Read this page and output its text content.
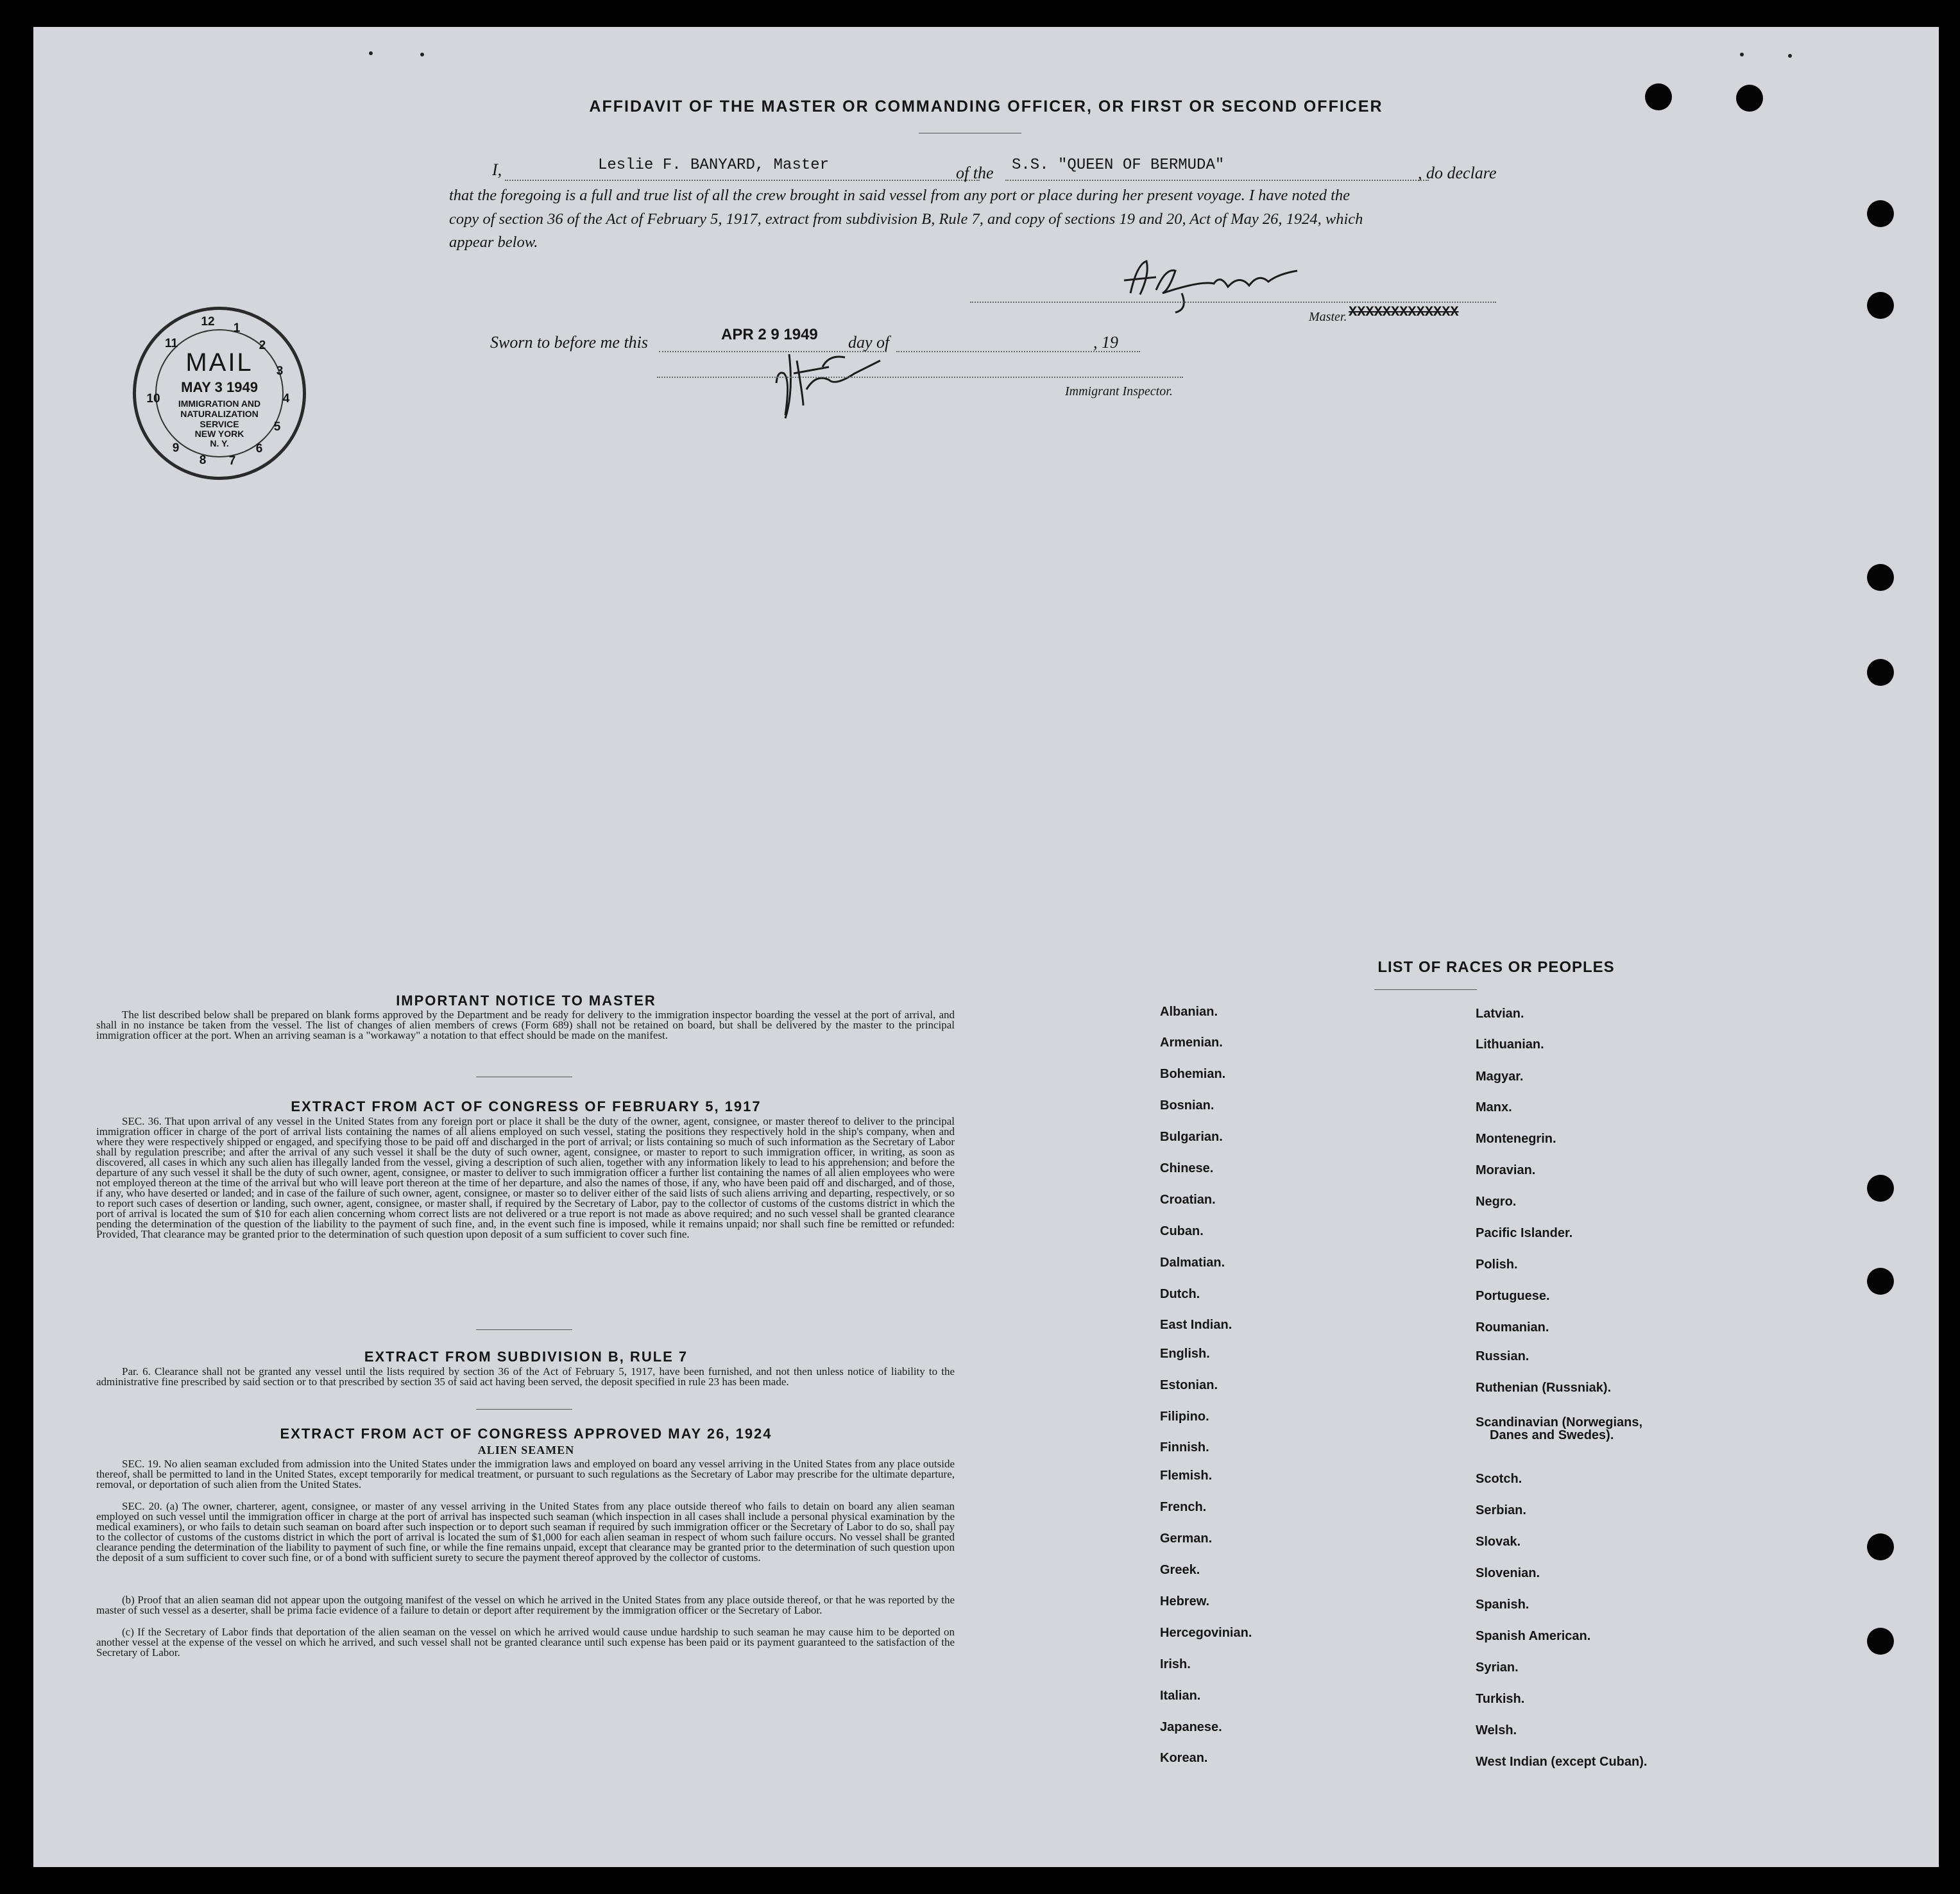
AFFIDAVIT OF THE MASTER OR COMMANDING OFFICER, OR FIRST OR SECOND OFFICER
I,	Leslie F. BANYARD, Master	of the S.S. "QUEEN OF BERMUDA"	, do declare
that the foregoing is a full and true list of all the crew brought in said vessel from any port or place during her present voyage. I have noted the
copy of section 36 of the Act of February 5, 1917, extract from subdivision B, Rule 7, and copy of sections 19 and 20, Act of May 26, 1924, which
appear below.
Master. XXXXXXXXXXXXX
Sworn to before me this	APR 2 9 1949 day of	, 19
Immigrant Inspector.
12	1
2
3
4
5
6
7
8
9
10
11
MAIL
MAY 3 1949
IMMIGRATION AND
NATURALIZATION
SERVICE
NEW YORK
N. Y.
IMPORTANT NOTICE TO MASTER

The list described below shall be prepared on blank forms approved by the Department and be ready for delivery to the immigration inspector boarding the vessel at the port of arrival, and shall in no instance be taken from the vessel. The list of changes of alien members of crews (Form 689) shall not be retained on board, but shall be delivered by the master to the principal immigration officer at the port. When an arriving seaman is a "workaway" a notation to that effect should be made on the manifest.

EXTRACT FROM ACT OF CONGRESS OF FEBRUARY 5, 1917

SEC. 36. That upon arrival of any vessel in the United States from any foreign port or place it shall be the duty of the owner, agent, consignee, or master thereof to deliver to the principal immigration officer in charge of the port of arrival lists containing the names of all aliens employed on such vessel, stating the positions they respectively hold in the ship's company, when and where they were respectively shipped or engaged, and specifying those to be paid off and discharged in the port of arrival; or lists containing so much of such information as the Secretary of Labor shall by regulation prescribe; and after the arrival of any such vessel it shall be the duty of such owner, agent, consignee, or master to report to such immigration officer, in writing, as soon as discovered, all cases in which any such alien has illegally landed from the vessel, giving a description of such alien, together with any information likely to lead to his apprehension; and before the departure of any such vessel it shall be the duty of such owner, agent, consignee, or master to deliver to such immigration officer a further list containing the names of all alien employees who were not employed thereon at the time of the arrival but who will leave port thereon at the time of her departure, and also the names of those, if any, who have been paid off and discharged, and of those, if any, who have deserted or landed; and in case of the failure of such owner, agent, consignee, or master so to deliver either of the said lists of such aliens arriving and departing, respectively, or so to report such cases of desertion or landing, such owner, agent, consignee, or master shall, if required by the Secretary of Labor, pay to the collector of customs of the customs district in which the port of arrival is located the sum of $10 for each alien concerning whom correct lists are not delivered or a true report is not made as above required; and no such vessel shall be granted clearance pending the determination of the question of the liability to the payment of such fine, and, in the event such fine is imposed, while it remains unpaid; nor shall such fine be remitted or refunded: Provided, That clearance may be granted prior to the determination of such question upon deposit of a sum sufficient to cover such fine.

EXTRACT FROM SUBDIVISION B, RULE 7

Par. 6. Clearance shall not be granted any vessel until the lists required by section 36 of the Act of February 5, 1917, have been furnished, and not then unless notice of liability to the administrative fine prescribed by said section or to that prescribed by section 35 of said act having been served, the deposit specified in rule 23 has been made.

EXTRACT FROM ACT OF CONGRESS APPROVED MAY 26, 1924
ALIEN SEAMEN

SEC. 19. No alien seaman excluded from admission into the United States under the immigration laws and employed on board any vessel arriving in the United States from any place outside thereof, shall be permitted to land in the United States, except temporarily for medical treatment, or pursuant to such regulations as the Secretary of Labor may prescribe for the ultimate departure, removal, or deportation of such alien from the United States.

SEC. 20. (a) The owner, charterer, agent, consignee, or master of any vessel arriving in the United States from any place outside thereof who fails to detain on board any alien seaman employed on such vessel until the immigration officer in charge at the port of arrival has inspected such seaman (which inspection in all cases shall include a personal physical examination by the medical examiners), or who fails to detain such seaman on board after such inspection or to deport such seaman if required by such immigration officer or the Secretary of Labor to do so, shall pay to the collector of customs of the customs district in which the port of arrival is located the sum of $1,000 for each alien seaman in respect of whom such failure occurs. No vessel shall be granted clearance pending the determination of the liability to payment of such fine, or while the fine remains unpaid, except that clearance may be granted prior to the determination of such question upon the deposit of a sum sufficient to cover such fine, or of a bond with sufficient surety to secure the payment thereof approved by the collector of customs.

(b) Proof that an alien seaman did not appear upon the outgoing manifest of the vessel on which he arrived in the United States from any place outside thereof, or that he was reported by the master of such vessel as a deserter, shall be prima facie evidence of a failure to detain or deport after requirement by the immigration officer or the Secretary of Labor.

(c) If the Secretary of Labor finds that deportation of the alien seaman on the vessel on which he arrived would cause undue hardship to such seaman he may cause him to be deported on another vessel at the expense of the vessel on which he arrived, and such vessel shall not be granted clearance until such expense has been paid or its payment guaranteed to the satisfaction of the Secretary of Labor.

LIST OF RACES OR PEOPLES
Albanian.
Armenian.
Bohemian.
Bosnian.
Bulgarian.
Chinese.
Croatian.
Cuban.
Dalmatian.
Dutch.
East Indian.
English.
Estonian.
Filipino.
Finnish.
Flemish.
French.
German.
Greek.
Hebrew.
Hercegovinian.
Irish.
Italian.
Japanese.
Korean.
Latvian.
Lithuanian.
Magyar.
Manx.
Montenegrin.
Moravian.
Negro.
Pacific Islander.
Polish.
Portuguese.
Roumanian.
Russian.
Ruthenian (Russniak).
Scandinavian (Norwegians,
Danes and Swedes).
Scotch.
Serbian.
Slovak.
Slovenian.
Spanish.
Spanish American.
Syrian.
Turkish.
Welsh.
West Indian (except Cuban).
